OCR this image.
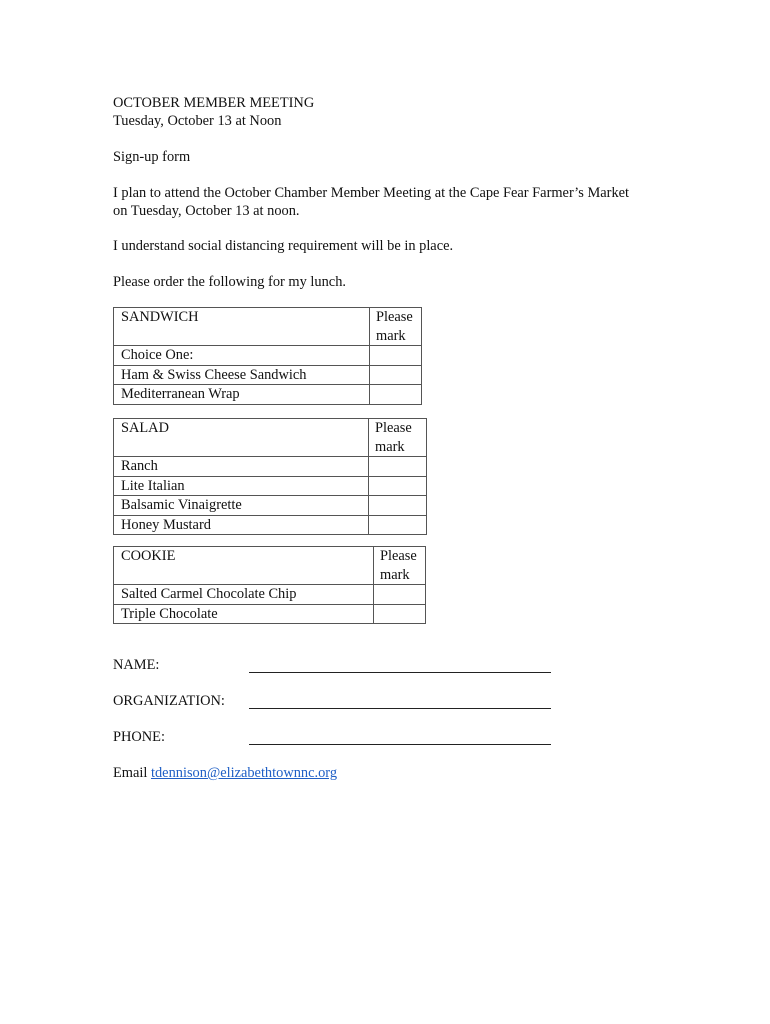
OCTOBER MEMBER MEETING
Tuesday, October 13 at Noon
Sign-up form
I plan to attend the October Chamber Member Meeting at the Cape Fear Farmer’s Market
on Tuesday, October 13 at noon.
I understand social distancing requirement will be in place.
Please order the following for my lunch.
SANDWICH	Please
mark
Choice One:	
Ham & Swiss Cheese Sandwich	
Mediterranean Wrap	
SALAD	Please
mark
Ranch	
Lite Italian	
Balsamic Vinaigrette	
Honey Mustard	
COOKIE	Please
mark
Salted Carmel Chocolate Chip	
Triple Chocolate	
NAME:
ORGANIZATION:
PHONE:
Email tdennison@elizabethtownnc.org
